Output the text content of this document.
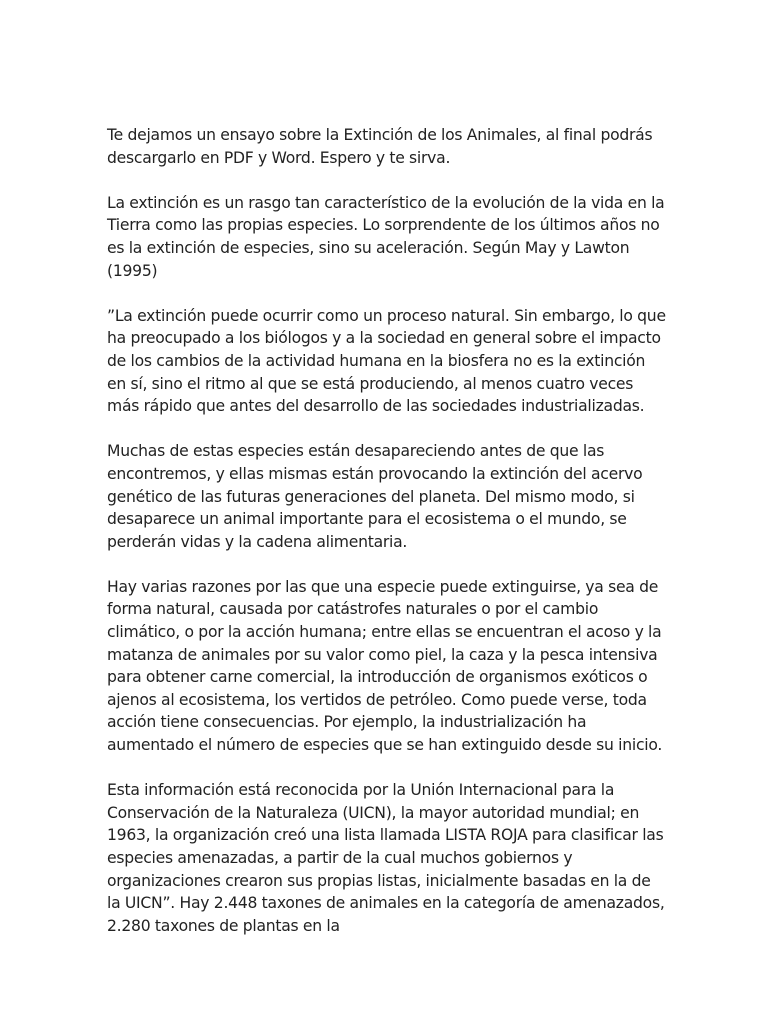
Te dejamos un ensayo sobre la Extinción de los Animales, al final podrás descargarlo en PDF y Word. Espero y te sirva.

La extinción es un rasgo tan característico de la evolución de la vida en la Tierra como las propias especies. Lo sorprendente de los últimos años no es la extinción de especies, sino su aceleración. Según May y Lawton (1995)

”La extinción puede ocurrir como un proceso natural. Sin embargo, lo que ha preocupado a los biólogos y a la sociedad en general sobre el impacto de los cambios de la actividad humana en la biosfera no es la extinción en sí, sino el ritmo al que se está produciendo, al menos cuatro veces más rápido que antes del desarrollo de las sociedades industrializadas.

Muchas de estas especies están desapareciendo antes de que las encontremos, y ellas mismas están provocando la extinción del acervo genético de las futuras generaciones del planeta. Del mismo modo, si desaparece un animal importante para el ecosistema o el mundo, se perderán vidas y la cadena alimentaria.

Hay varias razones por las que una especie puede extinguirse, ya sea de forma natural, causada por catástrofes naturales o por el cambio climático, o por la acción humana; entre ellas se encuentran el acoso y la matanza de animales por su valor como piel, la caza y la pesca intensiva para obtener carne comercial, la introducción de organismos exóticos o ajenos al ecosistema, los vertidos de petróleo. Como puede verse, toda acción tiene consecuencias. Por ejemplo, la industrialización ha aumentado el número de especies que se han extinguido desde su inicio.

Esta información está reconocida por la Unión Internacional para la Conservación de la Naturaleza (UICN), la mayor autoridad mundial; en 1963, la organización creó una lista llamada LISTA ROJA para clasificar las especies amenazadas, a partir de la cual muchos gobiernos y organizaciones crearon sus propias listas, inicialmente basadas en la de la UICN”. Hay 2.448 taxones de animales en la categoría de amenazados, 2.280 taxones de plantas en la
